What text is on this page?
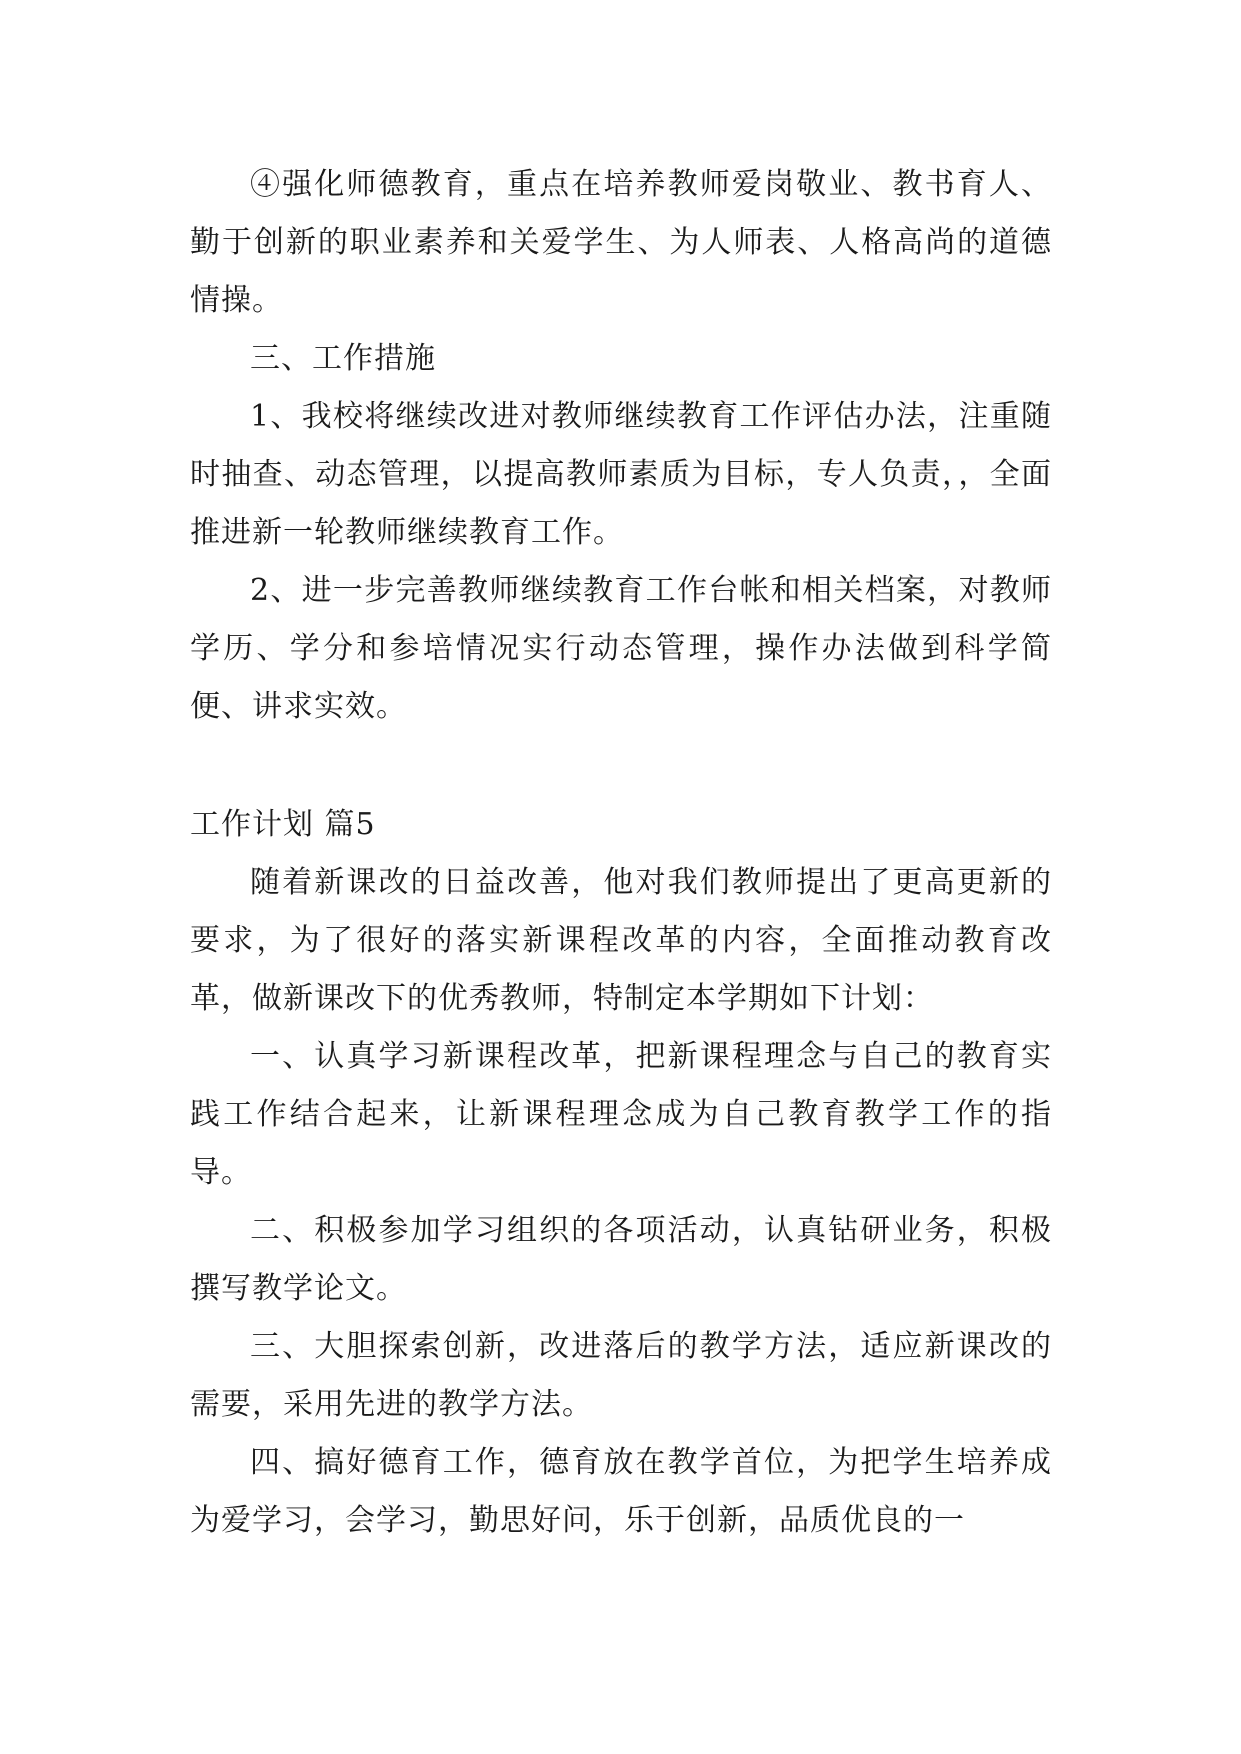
④强化师德教育，重点在培养教师爱岗敬业、教书育人、勤于创新的职业素养和关爱学生、为人师表、人格高尚的道德情操。

三、工作措施

1、我校将继续改进对教师继续教育工作评估办法，注重随时抽查、动态管理，以提高教师素质为目标，专人负责，，全面推进新一轮教师继续教育工作。

2、进一步完善教师继续教育工作台帐和相关档案，对教师学历、学分和参培情况实行动态管理，操作办法做到科学简便、讲求实效。

工作计划 篇5

随着新课改的日益改善，他对我们教师提出了更高更新的要求，为了很好的落实新课程改革的内容，全面推动教育改革，做新课改下的优秀教师，特制定本学期如下计划：

一、认真学习新课程改革，把新课程理念与自己的教育实践工作结合起来，让新课程理念成为自己教育教学工作的指导。

二、积极参加学习组织的各项活动，认真钻研业务，积极撰写教学论文。

三、大胆探索创新，改进落后的教学方法，适应新课改的需要，采用先进的教学方法。

四、搞好德育工作，德育放在教学首位，为把学生培养成为爱学习，会学习，勤思好问，乐于创新，品质优良的一
